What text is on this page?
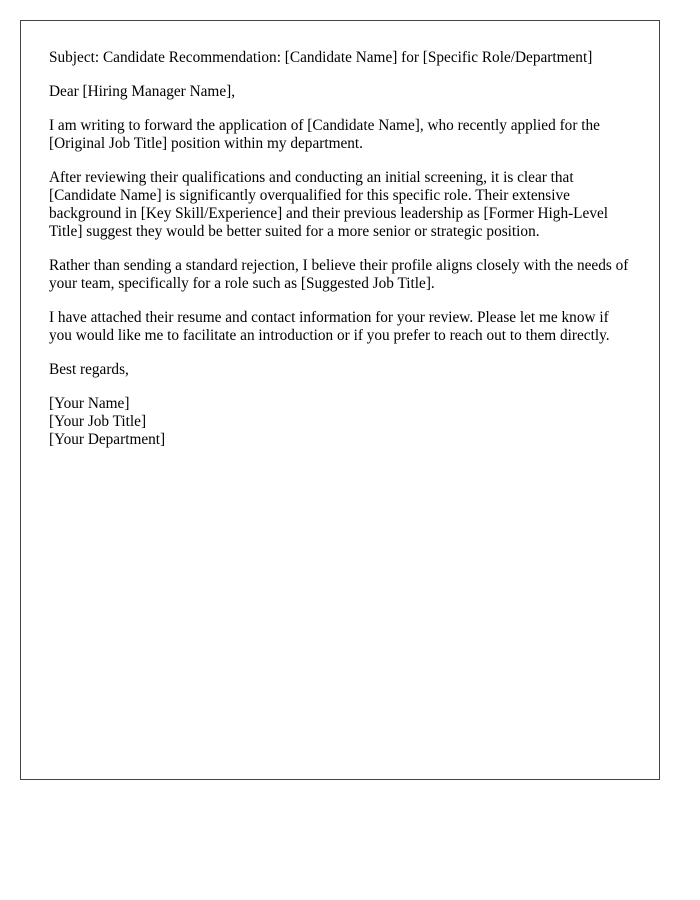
Subject: Candidate Recommendation: [Candidate Name] for [Specific Role/Department]

Dear [Hiring Manager Name],

I am writing to forward the application of [Candidate Name], who recently applied for the [Original Job Title] position within my department.

After reviewing their qualifications and conducting an initial screening, it is clear that [Candidate Name] is significantly overqualified for this specific role. Their extensive background in [Key Skill/Experience] and their previous leadership as [Former High-Level Title] suggest they would be better suited for a more senior or strategic position.

Rather than sending a standard rejection, I believe their profile aligns closely with the needs of your team, specifically for a role such as [Suggested Job Title].

I have attached their resume and contact information for your review. Please let me know if you would like me to facilitate an introduction or if you prefer to reach out to them directly.

Best regards,

[Your Name]
[Your Job Title]
[Your Department]
